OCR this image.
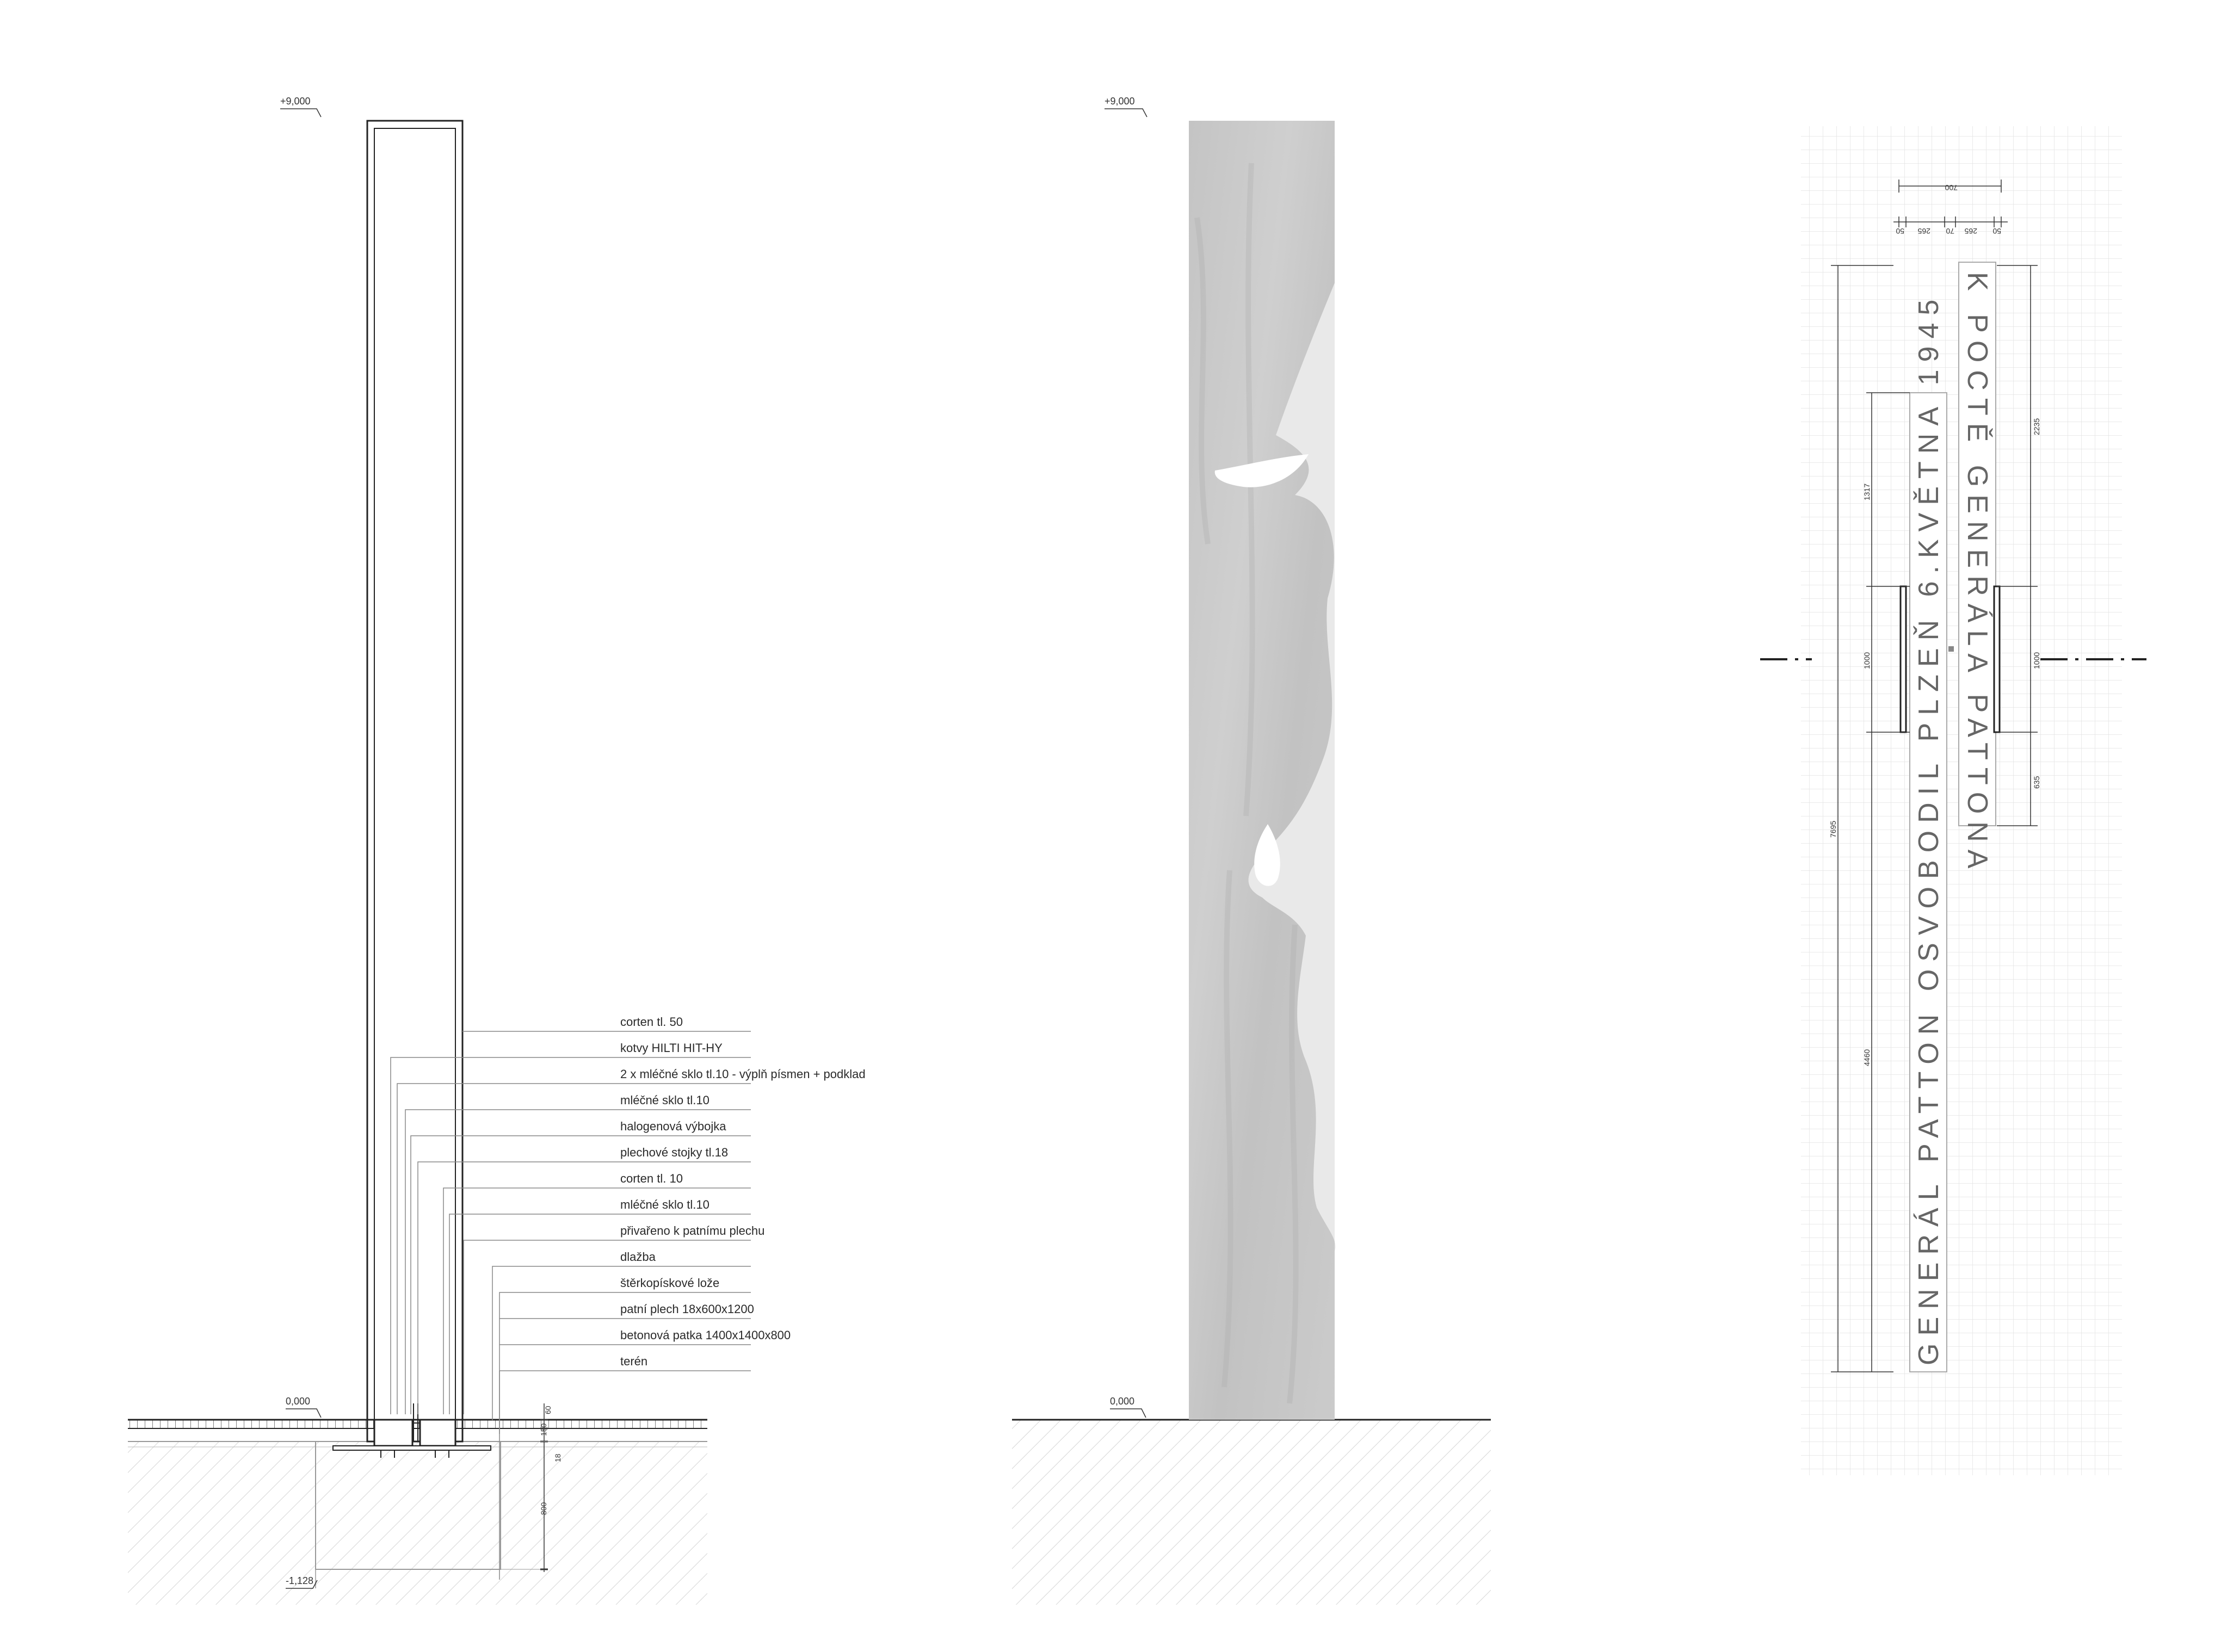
corten tl. 50
kotvy HILTI HIT-HY
2 x mléčné sklo tl.10 - výplň písmen + podklad
mléčné sklo tl.10
halogenová výbojka
plechové stojky tl.18
corten tl. 10
mléčné sklo tl.10
přivařeno k patnímu plechu
dlažba
štěrkopískové lože
patní plech 18x600x1200
betonová patka 1400x1400x800
terén
+9,000
0,000
-1,128
60
150
18
800
+9,000
0,000
K POCTĚ GENERÁLA PATTONA
GENERÁL PATTON OSVOBODIL PLZEŇ 6.KVĚTNA 1945
700
50 265 70 265 50
7695
1317
1000
4460
2235
1000
635
